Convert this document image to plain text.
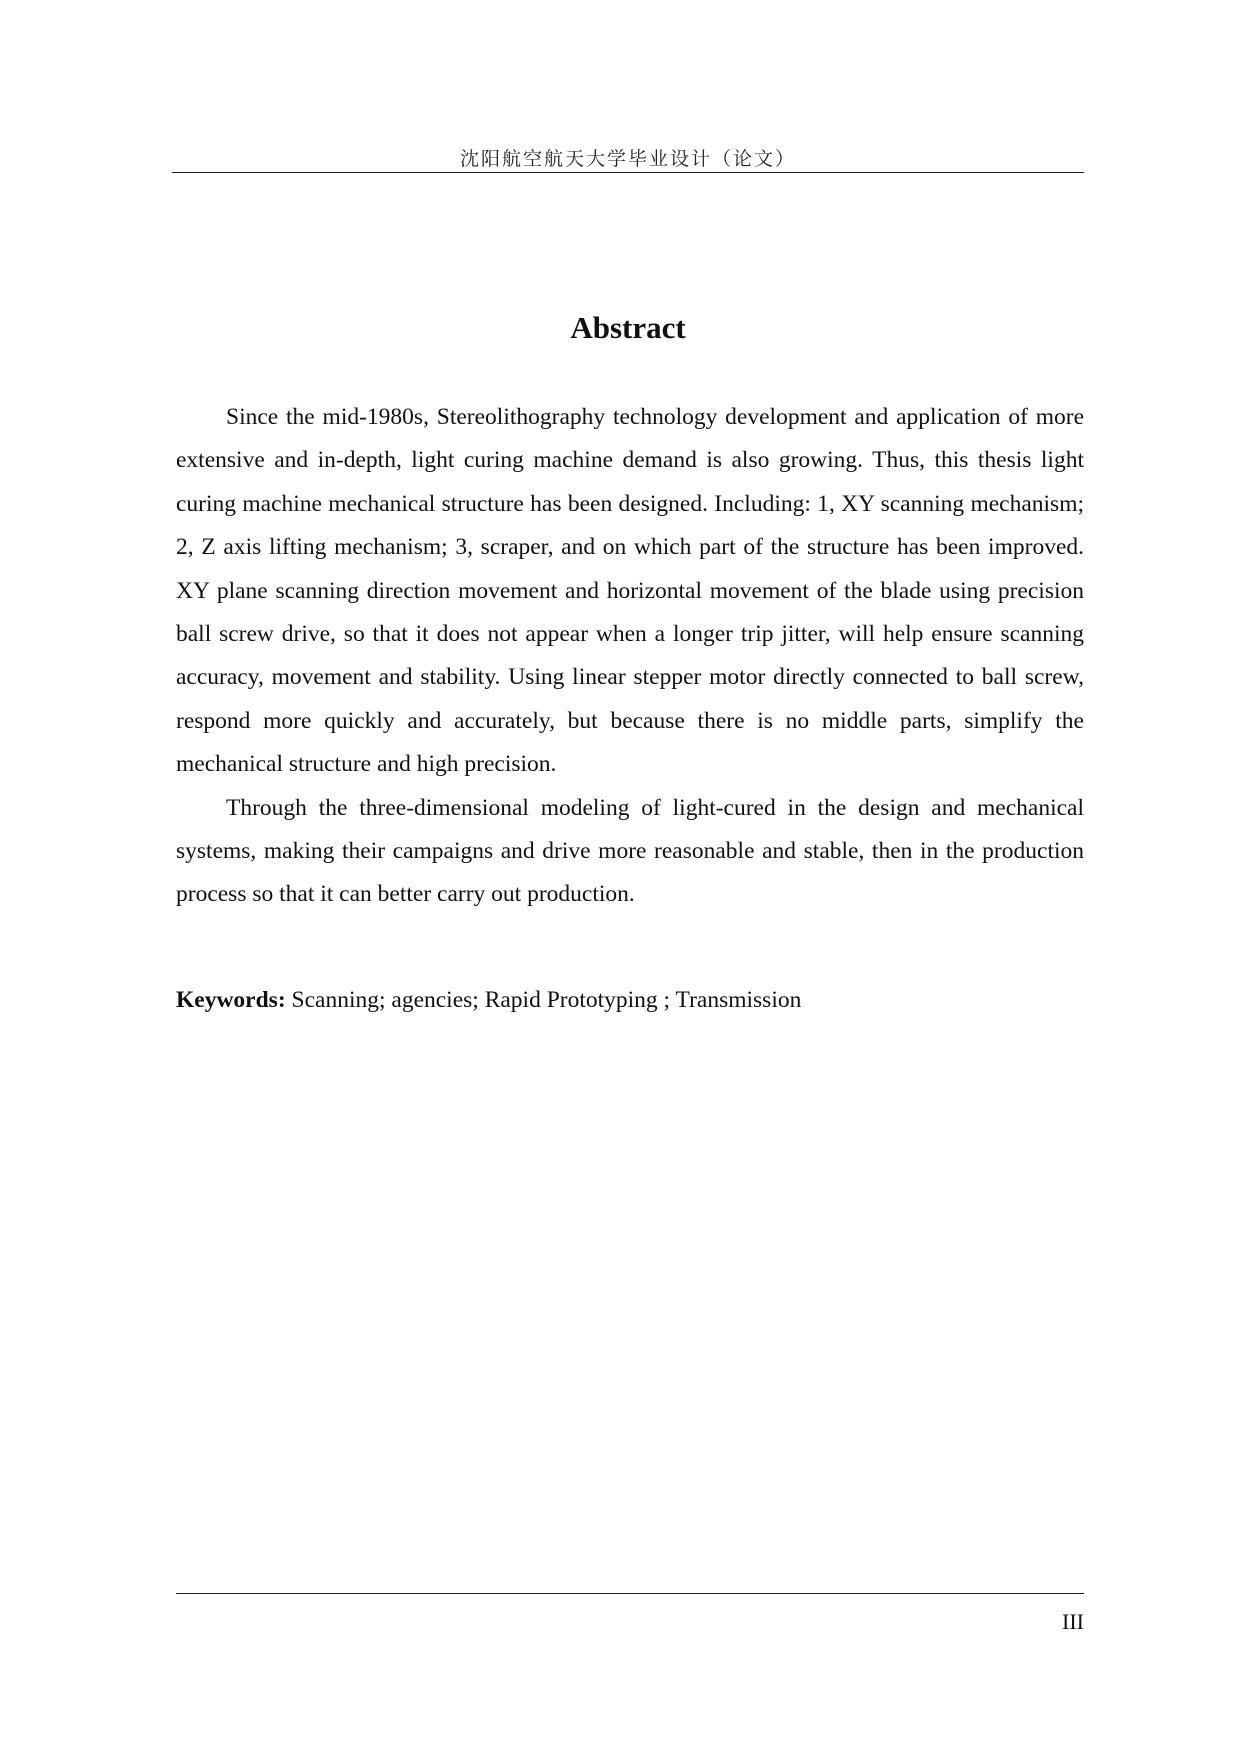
沈阳航空航天大学毕业设计（论文）
Abstract

Since the mid-1980s, Stereolithography technology development and application of more extensive and in-depth, light curing machine demand is also growing. Thus, this thesis light curing machine mechanical structure has been designed. Including: 1, XY scanning mechanism; 2, Z axis lifting mechanism; 3, scraper, and on which part of the structure has been improved. XY plane scanning direction movement and horizontal movement of the blade using precision ball screw drive, so that it does not appear when a longer trip jitter, will help ensure scanning accuracy, movement and stability. Using linear stepper motor directly connected to ball screw, respond more quickly and accurately, but because there is no middle parts, simplify the mechanical structure and high precision.

Through the three-dimensional modeling of light-cured in the design and mechanical systems, making their campaigns and drive more reasonable and stable, then in the production process so that it can better carry out production.

Keywords: Scanning; agencies; Rapid Prototyping ; Transmission
III
